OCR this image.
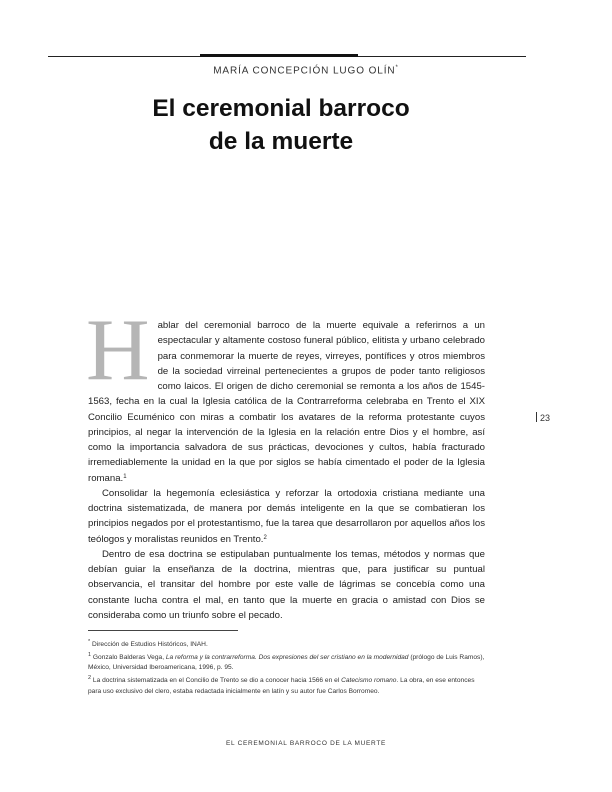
MARÍA CONCEPCIÓN LUGO OLÍN*
El ceremonial barroco
de la muerte

Hablar del ceremonial barroco de la muerte equivale a referirnos a un espectacular y altamente costoso funeral público, elitista y urbano celebrado para conmemorar la muerte de reyes, virreyes, pontífices y otros miembros de la sociedad virreinal pertenecientes a grupos de poder tanto religiosos como laicos. El origen de dicho ceremonial se remonta a los años de 1545-1563, fecha en la cual la Iglesia católica de la Contrarreforma celebraba en Trento el XIX Concilio Ecuménico con miras a combatir los avatares de la reforma protestante cuyos principios, al negar la intervención de la Iglesia en la relación entre Dios y el hombre, así como la importancia salvadora de sus prácticas, devociones y cultos, había fracturado irremediablemente la unidad en la que por siglos se había cimentado el poder de la Iglesia romana.$^1$

Consolidar la hegemonía eclesiástica y reforzar la ortodoxia cristiana mediante una doctrina sistematizada, de manera por demás inteligente en la que se combatieran los principios negados por el protestantismo, fue la tarea que desarrollaron por aquellos años los teólogos y moralistas reunidos en Trento.$^2$

Dentro de esa doctrina se estipulaban puntualmente los temas, métodos y normas que debían guiar la enseñanza de la doctrina, mientras que, para justificar su puntual observancia, el transitar del hombre por este valle de lágrimas se concebía como una constante lucha contra el mal, en tanto que la muerte en gracia o amistad con Dios se consideraba como un triunfo sobre el pecado.

23

* Dirección de Estudios Históricos, INAH.

$^1$ Gonzalo Balderas Vega, La reforma y la contrarreforma. Dos expresiones del ser cristiano en la modernidad (prólogo de Luis Ramos), México, Universidad Iberoamericana, 1996, p. 95.

$^2$ La doctrina sistematizada en el Concilio de Trento se dio a conocer hacia 1566 en el Catecismo romano. La obra, en ese entonces para uso exclusivo del clero, estaba redactada inicialmente en latín y su autor fue Carlos Borromeo.

EL CEREMONIAL BARROCO DE LA MUERTE
